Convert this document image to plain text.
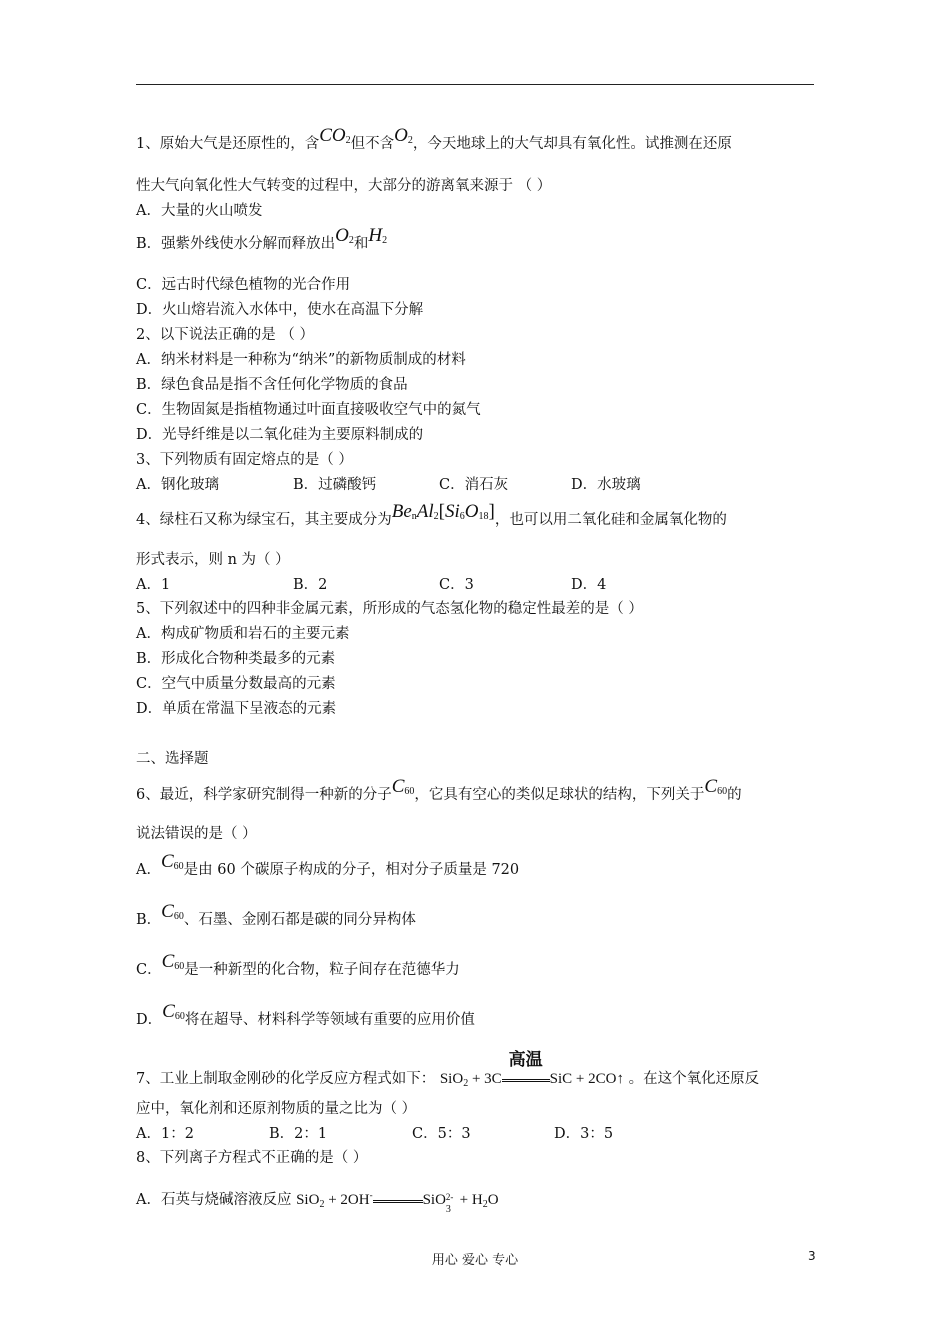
1、原始大气是还原性的，含$CO_2$但不含$O_2$，今天地球上的大气却具有氧化性。试推测在还原
性大气向氧化性大气转变的过程中，大部分的游离氧来源于 （ ）
A．大量的火山喷发
B．强紫外线使水分解而释放出$O_2$和$H_2$
C．远古时代绿色植物的光合作用
D．火山熔岩流入水体中，使水在高温下分解
2、以下说法正确的是 （ ）
A．纳米材料是一种称为“纳米”的新物质制成的材料
B．绿色食品是指不含任何化学物质的食品
C．生物固氮是指植物通过叶面直接吸收空气中的氮气
D．光导纤维是以二氧化硅为主要原料制成的
3、下列物质有固定熔点的是（ ）
A．钢化玻璃	B．过磷酸钙	C．消石灰	D．水玻璃
4、绿柱石又称为绿宝石，其主要成分为BenAl2[Si6O18]，也可以用二氧化硅和金属氧化物的
形式表示，则 n 为（ ）
A．1	B．2	C．3	D．4
5、下列叙述中的四种非金属元素，所形成的气态氢化物的稳定性最差的是（ ）
A．构成矿物质和岩石的主要元素
B．形成化合物种类最多的元素
C．空气中质量分数最高的元素
D．单质在常温下呈液态的元素
二、选择题
6、最近，科学家研究制得一种新的分子$C_{60}$，它具有空心的类似足球状的结构，下列关于$C_{60}$的
说法错误的是（ ）
A．$C_{60}$是由 60 个碳原子构成的分子，相对分子质量是 720
B．$C_{60}$、石墨、金刚石都是碳的同分异构体
C．$C_{60}$是一种新型的化合物，粒子间存在范德华力
D．$C_{60}$将在超导、材料科学等领域有重要的应用价值
7、工业上制取金刚砂的化学反应方程式如下： SiO$_2$ + 3C
高温
SiC + 2CO↑ 。在这个氧化还原反
应中，氧化剂和还原剂物质的量之比为（ ）
A．1：2	B．2：1	C．5：3	D．3：5
8、下列离子方程式不正确的是（ ）
A．石英与烧碱溶液反应 SiO$_2$ + 2OH-	SiO 2-
3
+ $H_2O$
用心 爱心 专心	3
